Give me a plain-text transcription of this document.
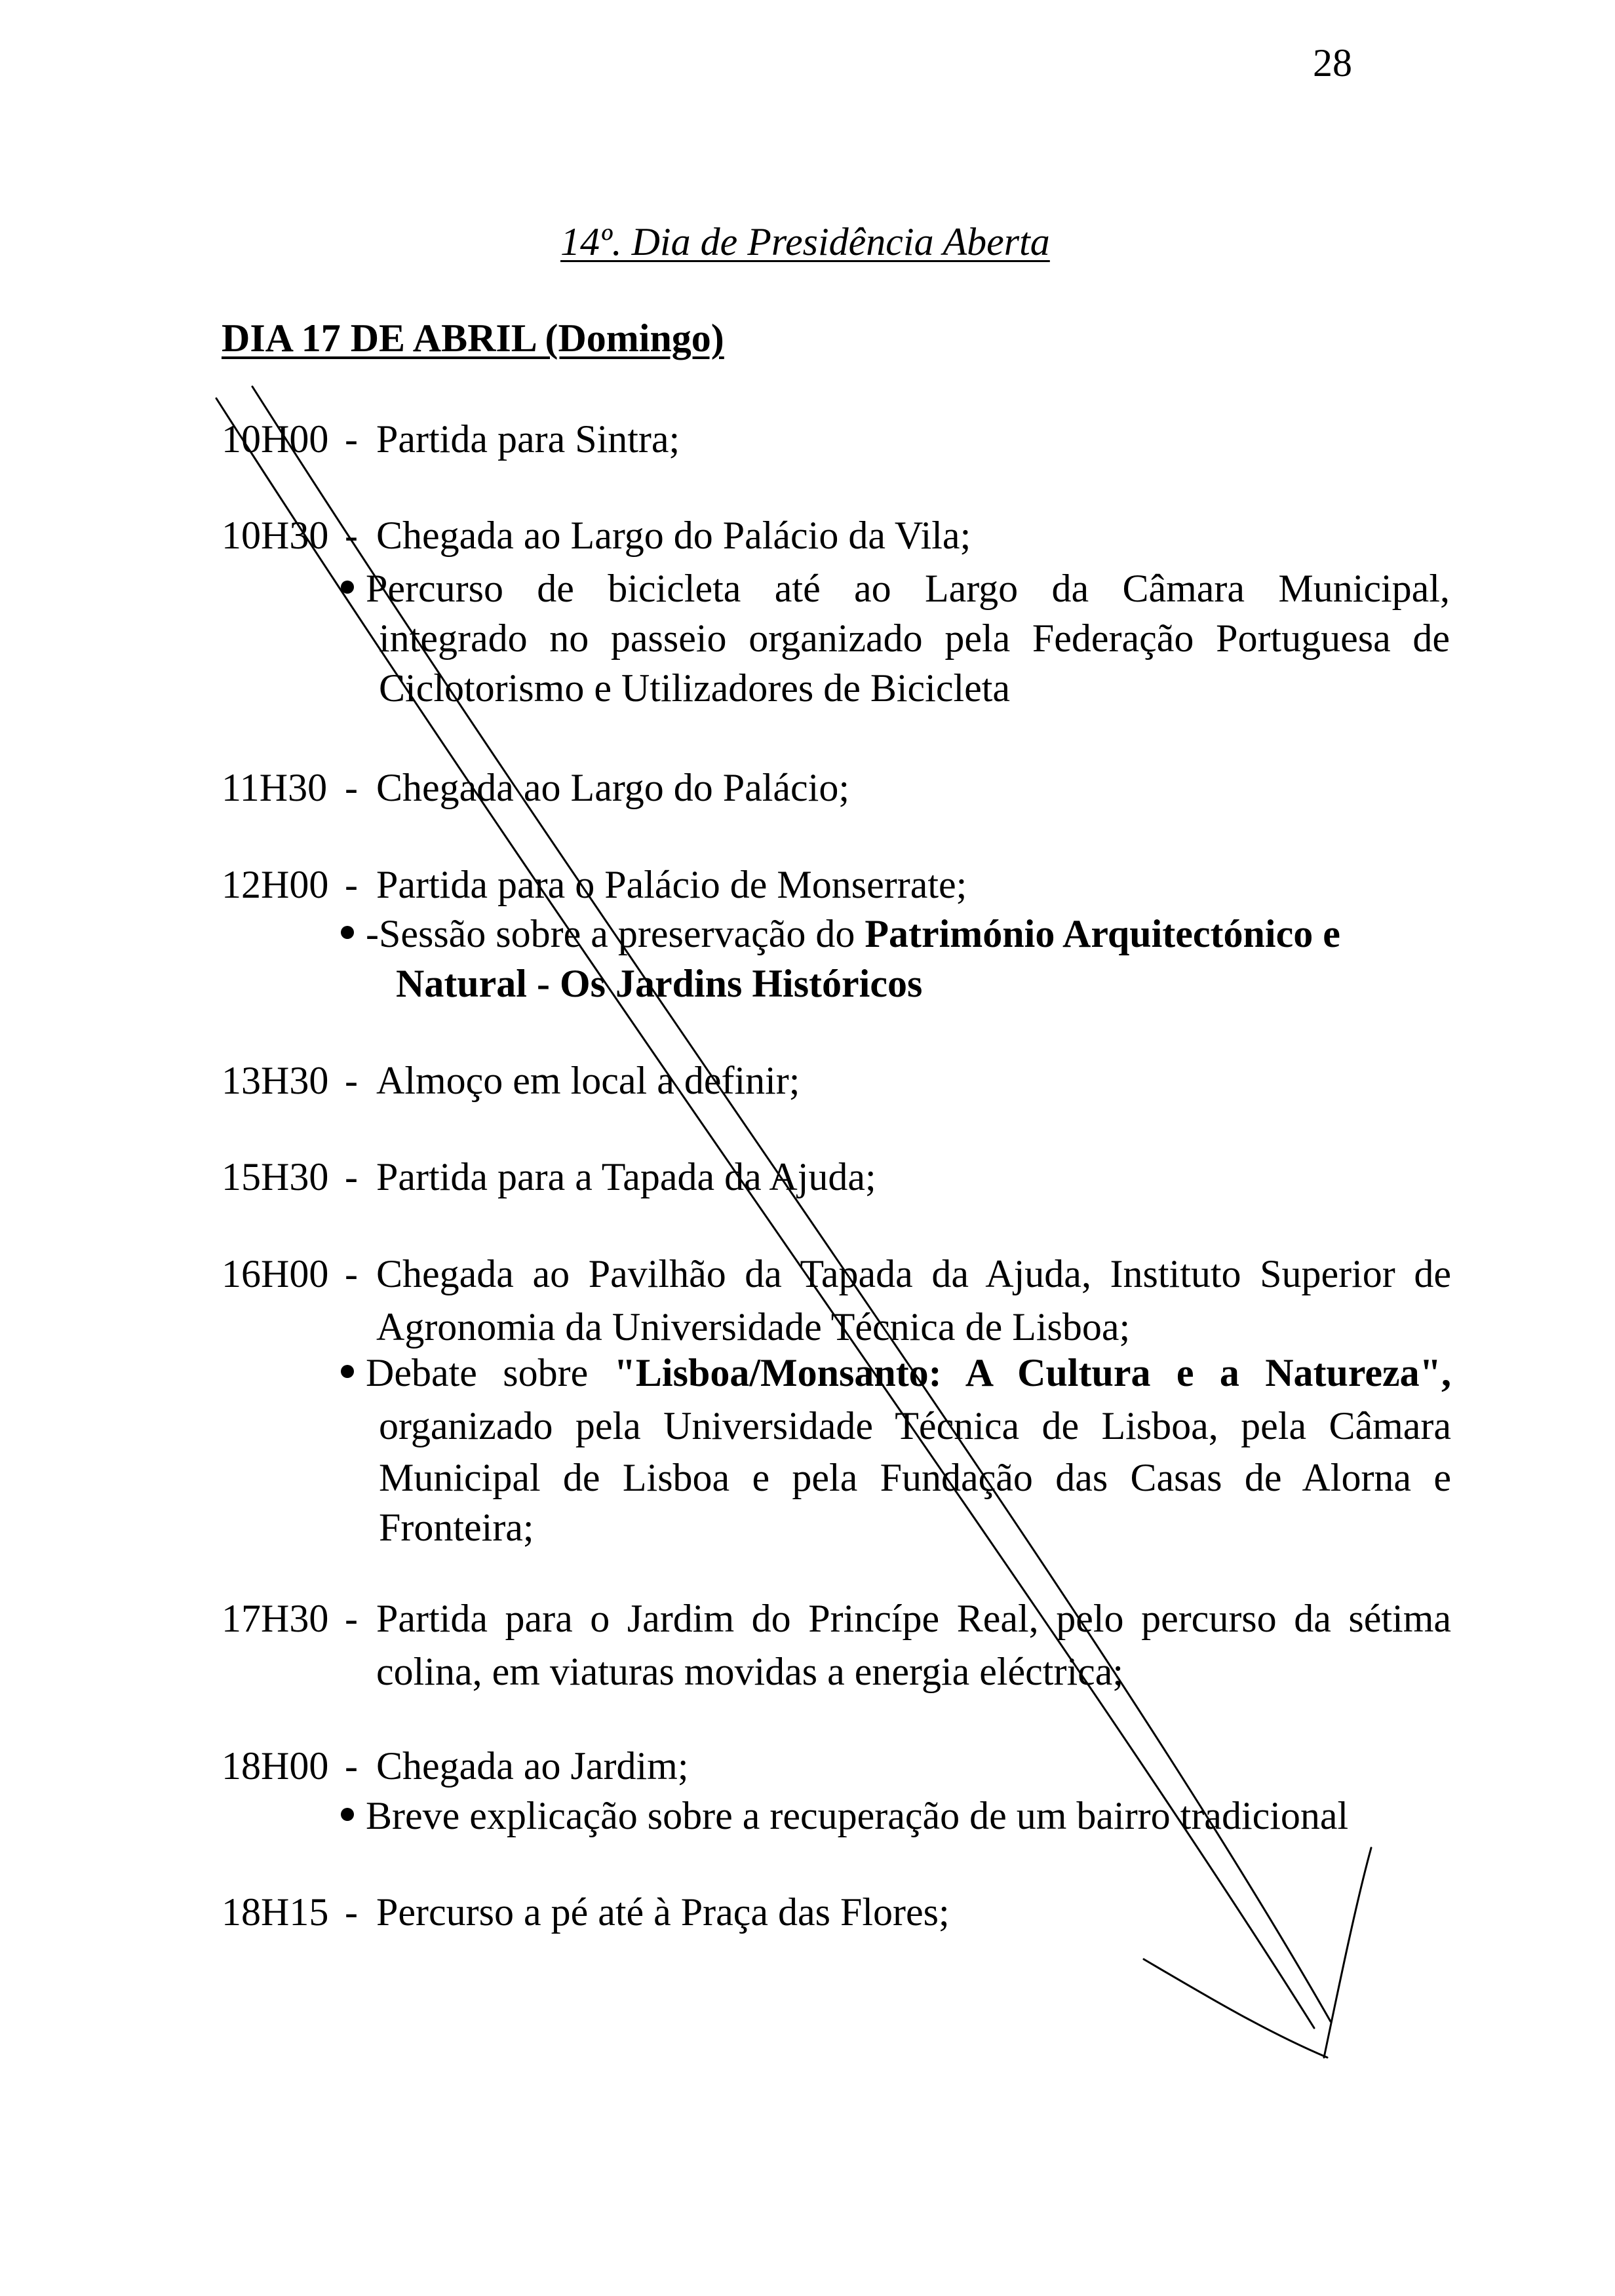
28
14º. Dia de Presidência Aberta
DIA 17 DE ABRIL (Domingo)
10H00 - Partida para Sintra;
10H30 - Chegada ao Largo do Palácio da Vila;
Percurso de bicicleta até ao Largo da Câmara Municipal,
integrado no passeio organizado pela Federação Portuguesa de
Ciclotorismo e Utilizadores de Bicicleta
11H30 - Chegada ao Largo do Palácio;
12H00 - Partida para o Palácio de Monserrate;
-Sessão sobre a preservação do Património Arquitectónico e
Natural - Os Jardins Históricos
13H30 - Almoço em local a definir;
15H30 - Partida para a Tapada da Ajuda;
16H00 - Chegada ao Pavilhão da Tapada da Ajuda, Instituto Superior de
Agronomia da Universidade Técnica de Lisboa;
Debate sobre "Lisboa/Monsanto: A Cultura e a Natureza",
organizado pela Universidade Técnica de Lisboa, pela Câmara
Municipal de Lisboa e pela Fundação das Casas de Alorna e
Fronteira;
17H30 - Partida para o Jardim do Princípe Real, pelo percurso da sétima
colina, em viaturas movidas a energia eléctrica;
18H00 - Chegada ao Jardim;
Breve explicação sobre a recuperação de um bairro tradicional
18H15 - Percurso a pé até à Praça das Flores;
